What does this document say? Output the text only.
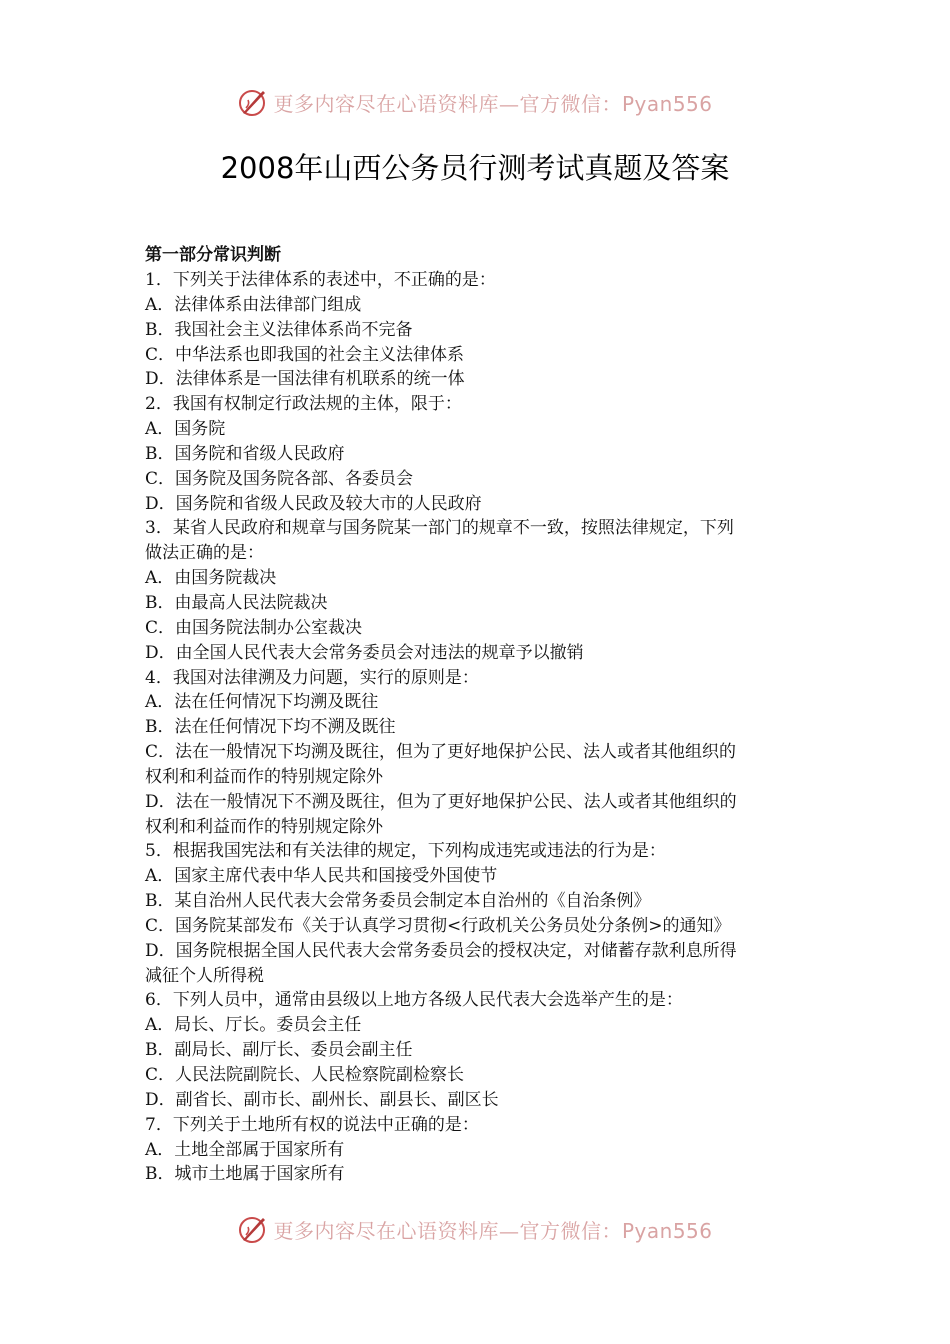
更多内容尽在心语资料库—官方微信：Pyan556
2008年山西公务员行测考试真题及答案

第一部分常识判断

1．下列关于法律体系的表述中，不正确的是：

A．法律体系由法律部门组成

B．我国社会主义法律体系尚不完备

C．中华法系也即我国的社会主义法律体系

D．法律体系是一国法律有机联系的统一体

2．我国有权制定行政法规的主体，限于：

A．国务院

B．国务院和省级人民政府

C．国务院及国务院各部、各委员会

D．国务院和省级人民政及较大市的人民政府

3．某省人民政府和规章与国务院某一部门的规章不一致，按照法律规定，下列

做法正确的是：

A．由国务院裁决

B．由最高人民法院裁决

C．由国务院法制办公室裁决

D．由全国人民代表大会常务委员会对违法的规章予以撤销

4．我国对法律溯及力问题，实行的原则是：

A．法在任何情况下均溯及既往

B．法在任何情况下均不溯及既往

C．法在一般情况下均溯及既往，但为了更好地保护公民、法人或者其他组织的

权利和利益而作的特别规定除外

D．法在一般情况下不溯及既往，但为了更好地保护公民、法人或者其他组织的

权利和利益而作的特别规定除外

5．根据我国宪法和有关法律的规定，下列构成违宪或违法的行为是：

A．国家主席代表中华人民共和国接受外国使节

B．某自治州人民代表大会常务委员会制定本自治州的《自治条例》

C．国务院某部发布《关于认真学习贯彻<行政机关公务员处分条例>的通知》

D．国务院根据全国人民代表大会常务委员会的授权决定，对储蓄存款利息所得

减征个人所得税

6．下列人员中，通常由县级以上地方各级人民代表大会选举产生的是：

A．局长、厅长。委员会主任

B．副局长、副厅长、委员会副主任

C．人民法院副院长、人民检察院副检察长

D．副省长、副市长、副州长、副县长、副区长

7．下列关于土地所有权的说法中正确的是：

A．土地全部属于国家所有

B．城市土地属于国家所有

更多内容尽在心语资料库—官方微信：Pyan556
